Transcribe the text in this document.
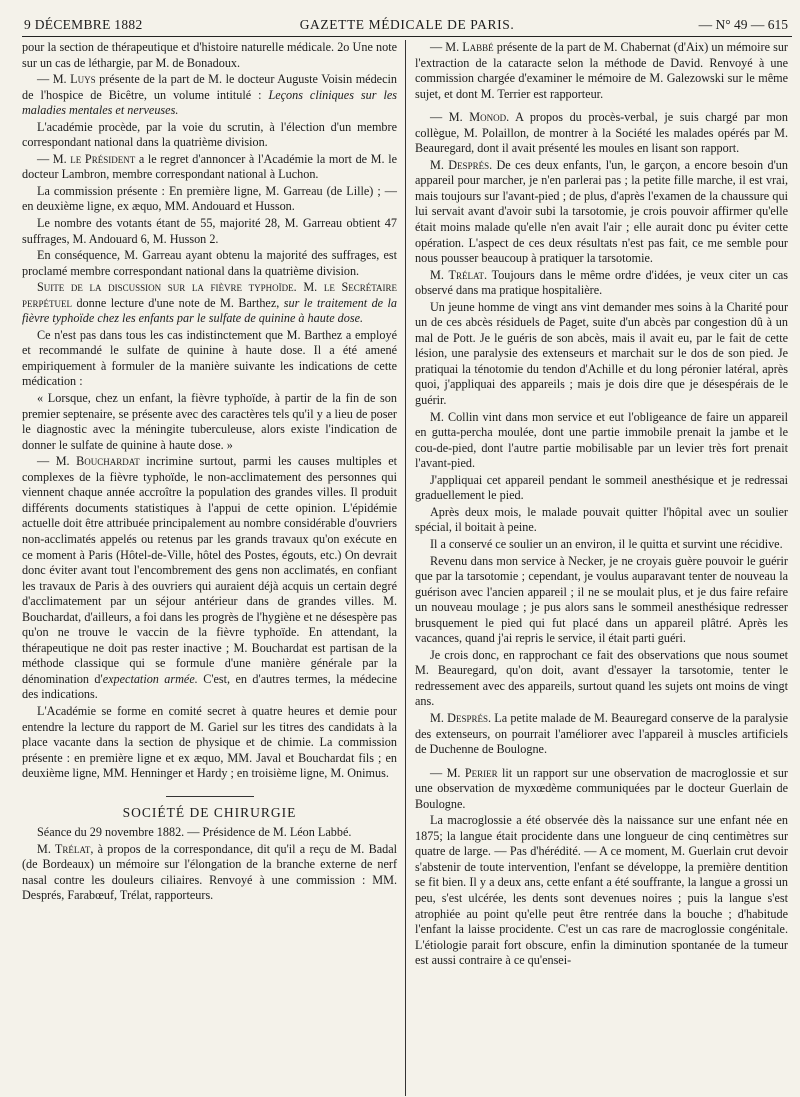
9 DÉCEMBRE 1882	GAZETTE MÉDICALE DE PARIS.	— N° 49 — 615

pour la section de thérapeutique et d'histoire naturelle médicale. 2o Une note sur un cas de léthargie, par M. de Bonadoux.

— M. Luys présente de la part de M. le docteur Auguste Voisin médecin de l'hospice de Bicêtre, un volume intitulé : Leçons cliniques sur les maladies mentales et nerveuses.

L'académie procède, par la voie du scrutin, à l'élection d'un membre correspondant national dans la quatrième division.

— M. le Président a le regret d'annoncer à l'Académie la mort de M. le docteur Lambron, membre correspondant national à Luchon.

La commission présente : En première ligne, M. Garreau (de Lille) ; — en deuxième ligne, ex æquo, MM. Andouard et Husson.

Le nombre des votants étant de 55, majorité 28, M. Garreau obtient 47 suffrages, M. Andouard 6, M. Husson 2.

En conséquence, M. Garreau ayant obtenu la majorité des suffrages, est proclamé membre correspondant national dans la quatrième division.

Suite de la discussion sur la fièvre typhoïde. M. le Secrétaire perpétuel donne lecture d'une note de M. Barthez, sur le traitement de la fièvre typhoïde chez les enfants par le sulfate de quinine à haute dose.

Ce n'est pas dans tous les cas indistinctement que M. Barthez a employé et recommandé le sulfate de quinine à haute dose. Il a été amené empiriquement à formuler de la manière suivante les indications de cette médication :

« Lorsque, chez un enfant, la fièvre typhoïde, à partir de la fin de son premier septenaire, se présente avec des caractères tels qu'il y a lieu de poser le diagnostic avec la méningite tuberculeuse, alors existe l'indication de donner le sulfate de quinine à haute dose. »

— M. Bouchardat incrimine surtout, parmi les causes multiples et complexes de la fièvre typhoïde, le non-acclimatement des personnes qui viennent chaque année accroître la population des grandes villes. Il produit différents documents statistiques à l'appui de cette opinion. L'épidémie actuelle doit être attribuée principalement au nombre considérable d'ouvriers non-acclimatés appelés ou retenus par les grands travaux qu'on exécute en ce moment à Paris (Hôtel-de-Ville, hôtel des Postes, égouts, etc.) On devrait donc éviter avant tout l'encombrement des gens non acclimatés, en confiant les travaux de Paris à des ouvriers qui auraient déjà acquis un certain degré d'acclimatement par un séjour antérieur dans de grandes villes. M. Bouchardat, d'ailleurs, a foi dans les progrès de l'hygiène et ne désespère pas qu'on ne trouve le vaccin de la fièvre typhoïde. En attendant, la thérapeutique ne doit pas rester inactive ; M. Bouchardat est partisan de la méthode classique qui se formule d'une manière générale par la dénomination d'expectation armée. C'est, en d'autres termes, la médecine des indications.

L'Académie se forme en comité secret à quatre heures et demie pour entendre la lecture du rapport de M. Gariel sur les titres des candidats à la place vacante dans la section de physique et de chimie. La commission présente : en première ligne et ex æquo, MM. Javal et Bouchardat fils ; en deuxième ligne, MM. Henninger et Hardy ; en troisième ligne, M. Onimus.

SOCIÉTÉ DE CHIRURGIE

Séance du 29 novembre 1882. — Présidence de M. Léon Labbé.

M. Trélat, à propos de la correspondance, dit qu'il a reçu de M. Badal (de Bordeaux) un mémoire sur l'élongation de la branche externe de nerf nasal contre les douleurs ciliaires. Renvoyé à une commission : MM. Després, Farabœuf, Trélat, rapporteurs.

— M. Labbé présente de la part de M. Chabernat (d'Aix) un mémoire sur l'extraction de la cataracte selon la méthode de David. Renvoyé à une commission chargée d'examiner le mémoire de M. Galezowski sur le même sujet, et dont M. Terrier est rapporteur.

— M. Monod. A propos du procès-verbal, je suis chargé par mon collègue, M. Polaillon, de montrer à la Société les malades opérés par M. Beauregard, dont il avait présenté les moules en lisant son rapport.

M. Després. De ces deux enfants, l'un, le garçon, a encore besoin d'un appareil pour marcher, je n'en parlerai pas ; la petite fille marche, il est vrai, mais toujours sur l'avant-pied ; de plus, d'après l'examen de la chaussure qui lui servait avant d'avoir subi la tarsotomie, je crois pouvoir affirmer qu'elle était moins malade qu'elle n'en avait l'air ; elle aurait donc pu éviter cette opération. L'aspect de ces deux résultats n'est pas fait, ce me semble pour nous pousser beaucoup à pratiquer la tarsotomie.

M. Trélat. Toujours dans le même ordre d'idées, je veux citer un cas observé dans ma pratique hospitalière.

Un jeune homme de vingt ans vint demander mes soins à la Charité pour un de ces abcès résiduels de Paget, suite d'un abcès par congestion dû à un mal de Pott. Je le guéris de son abcès, mais il avait eu, par le fait de cette lésion, une paralysie des extenseurs et marchait sur le dos de son pied. Je pratiquai la ténotomie du tendon d'Achille et du long péronier latéral, après quoi, j'appliquai des appareils ; mais je dois dire que je désespérais de le guérir.

M. Collin vint dans mon service et eut l'obligeance de faire un appareil en gutta-percha moulée, dont une partie immobile prenait la jambe et le cou-de-pied, dont l'autre partie mobilisable par un levier très fort prenait l'avant-pied.

J'appliquai cet appareil pendant le sommeil anesthésique et je redressai graduellement le pied.

Après deux mois, le malade pouvait quitter l'hôpital avec un soulier spécial, il boitait à peine.

Il a conservé ce soulier un an environ, il le quitta et survint une récidive.

Revenu dans mon service à Necker, je ne croyais guère pouvoir le guérir que par la tarsotomie ; cependant, je voulus auparavant tenter de nouveau la guérison avec l'ancien appareil ; il ne se moulait plus, et je dus faire refaire un nouveau moulage ; je pus alors sans le sommeil anesthésique redresser brusquement le pied qui fut placé dans un appareil plâtré. Après les vacances, quand j'ai repris le service, il était parti guéri.

Je crois donc, en rapprochant ce fait des observations que nous soumet M. Beauregard, qu'on doit, avant d'essayer la tarsotomie, tenter le redressement avec des appareils, surtout quand les sujets ont moins de vingt ans.

M. Després. La petite malade de M. Beauregard conserve de la paralysie des extenseurs, on pourrait l'améliorer avec l'appareil à muscles artificiels de Duchenne de Boulogne.

— M. Perier lit un rapport sur une observation de macroglossie et sur une observation de myxœdème communiquées par le docteur Guerlain de Boulogne.

La macroglossie a été observée dès la naissance sur une enfant née en 1875; la langue était procidente dans une longueur de cinq centimètres sur quatre de large. — Pas d'hérédité. — A ce moment, M. Guerlain crut devoir s'abstenir de toute intervention, l'enfant se développe, la première dentition se fit bien. Il y a deux ans, cette enfant a été souffrante, la langue a grossi un peu, s'est ulcérée, les dents sont devenues noires ; puis la langue s'est atrophiée au point qu'elle peut être rentrée dans la bouche ; d'habitude l'enfant la laisse procidente. C'est un cas rare de macroglossie congénitale. L'étiologie parait fort obscure, enfin la diminution spontanée de la tumeur est aussi contraire à ce qu'ensei-
